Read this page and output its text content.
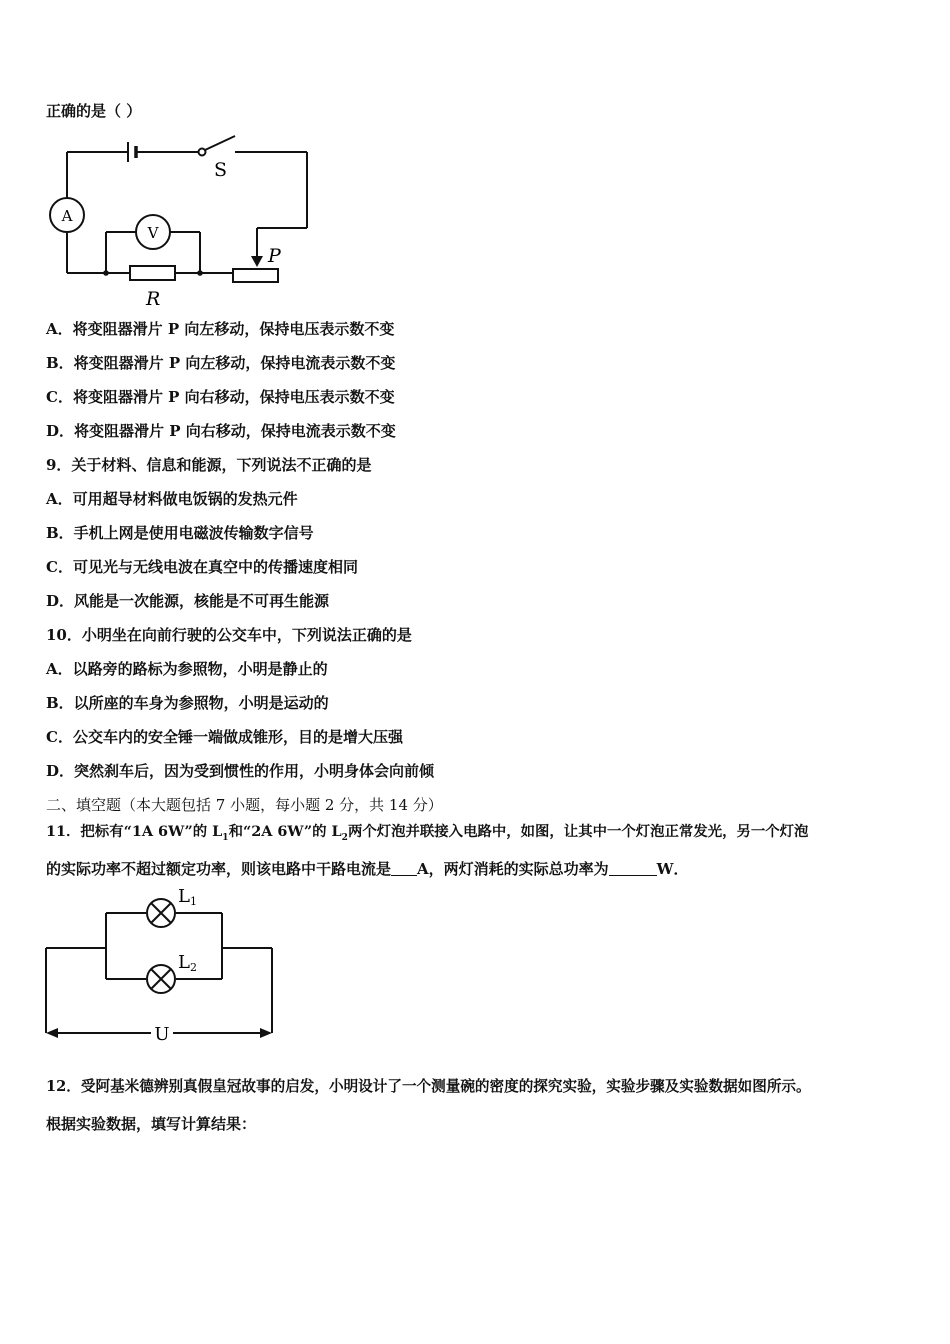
正确的是（ ）
A
V
S
R
P
A．将变阻器滑片 P 向左移动，保持电压表示数不变
B．将变阻器滑片 P 向左移动，保持电流表示数不变
C．将变阻器滑片 P 向右移动，保持电压表示数不变
D．将变阻器滑片 P 向右移动，保持电流表示数不变
9．关于材料、信息和能源，下列说法不正确的是
A．可用超导材料做电饭锅的发热元件
B．手机上网是使用电磁波传输数字信号
C．可见光与无线电波在真空中的传播速度相同
D．风能是一次能源，核能是不可再生能源
10．小明坐在向前行驶的公交车中，下列说法正确的是
A．以路旁的路标为参照物，小明是静止的
B．以所座的车身为参照物，小明是运动的
C．公交车内的安全锤一端做成锥形，目的是增大压强
D．突然刹车后，因为受到惯性的作用，小明身体会向前倾
二、填空题（本大题包括 7 小题，每小题 2 分，共 14 分）
11．把标有“1A 6W”的 $L_1$和“2A 6W”的 $L_2$两个灯泡并联接入电路中，如图，让其中一个灯泡正常发光，另一个灯泡
的实际功率不超过额定功率，则该电路中干路电流是 A，两灯消耗的实际总功率为	W．
L1
L2
U
12．受阿基米德辨别真假皇冠故事的启发，小明设计了一个测量碗的密度的探究实验，实验步骤及实验数据如图所示。
根据实验数据，填写计算结果：
